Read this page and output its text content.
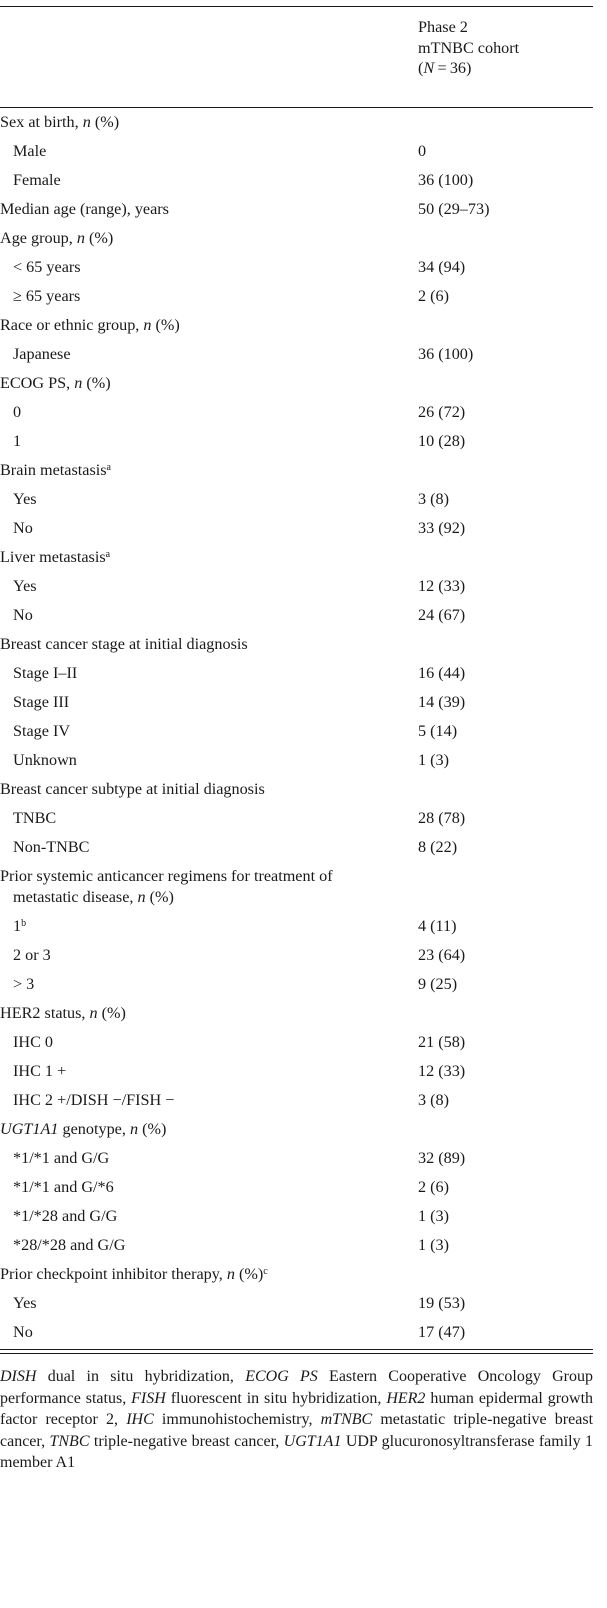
Phase 2
mTNBC cohort
(N = 36)
Sex at birth, n (%)
Male	0
Female	36 (100)
Median age (range), years	50 (29–73)
Age group, n (%)
< 65 years	34 (94)
≥ 65 years	2 (6)
Race or ethnic group, n (%)
Japanese	36 (100)
ECOG PS, n (%)
0	26 (72)
1	10 (28)
Brain metastasis$^a$
Yes	3 (8)
No	33 (92)
Liver metastasis$^a$
Yes	12 (33)
No	24 (67)
Breast cancer stage at initial diagnosis
Stage I–II	16 (44)
Stage III	14 (39)
Stage IV	5 (14)
Unknown	1 (3)
Breast cancer subtype at initial diagnosis
TNBC	28 (78)
Non-TNBC	8 (22)
Prior systemic anticancer regimens for treatment of
metastatic disease, n (%)
1$^b$	4 (11)
2 or 3	23 (64)
> 3	9 (25)
HER2 status, n (%)
IHC 0	21 (58)
IHC 1 +	12 (33)
IHC 2 +/DISH −/FISH −	3 (8)
UGT1A1 genotype, n (%)
*1/*1 and G/G	32 (89)
*1/*1 and G/*6	2 (6)
*1/*28 and G/G	1 (3)
*28/*28 and G/G	1 (3)
Prior checkpoint inhibitor therapy, n (%)$^c$
Yes	19 (53)
No	17 (47)
DISH dual in situ hybridization, ECOG PS Eastern Cooperative Oncology Group performance status, FISH fluorescent in situ hybridization, HER2 human epidermal growth factor receptor 2, IHC immunohistochemistry, mTNBC metastatic triple-negative breast cancer, TNBC triple-negative breast cancer, UGT1A1 UDP glucuronosyltransferase family 1 member A1
